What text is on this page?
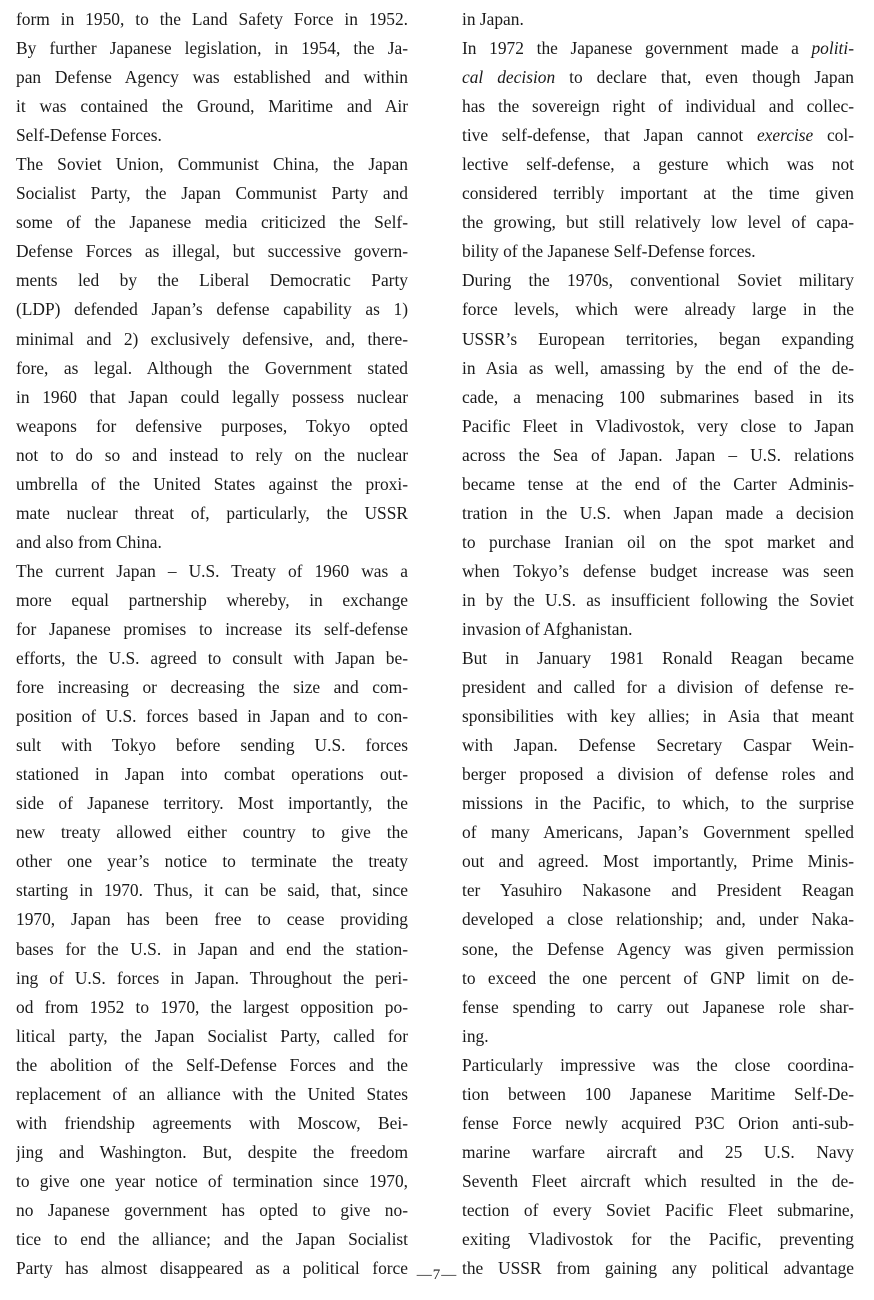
form in 1950, to the Land Safety Force in 1952.
By further Japanese legislation, in 1954, the Ja-
pan Defense Agency was established and within
it was contained the Ground, Maritime and Air
Self-Defense Forces.
The Soviet Union, Communist China, the Japan
Socialist Party, the Japan Communist Party and
some of the Japanese media criticized the Self-
Defense Forces as illegal, but successive govern-
ments led by the Liberal Democratic Party
(LDP) defended Japan’s defense capability as 1)
minimal and 2) exclusively defensive, and, there-
fore, as legal. Although the Government stated
in 1960 that Japan could legally possess nuclear
weapons for defensive purposes, Tokyo opted
not to do so and instead to rely on the nuclear
umbrella of the United States against the proxi-
mate nuclear threat of, particularly, the USSR
and also from China.
The current Japan – U.S. Treaty of 1960 was a
more equal partnership whereby, in exchange
for Japanese promises to increase its self-defense
efforts, the U.S. agreed to consult with Japan be-
fore increasing or decreasing the size and com-
position of U.S. forces based in Japan and to con-
sult with Tokyo before sending U.S. forces
stationed in Japan into combat operations out-
side of Japanese territory. Most importantly, the
new treaty allowed either country to give the
other one year’s notice to terminate the treaty
starting in 1970. Thus, it can be said, that, since
1970, Japan has been free to cease providing
bases for the U.S. in Japan and end the station-
ing of U.S. forces in Japan. Throughout the peri-
od from 1952 to 1970, the largest opposition po-
litical party, the Japan Socialist Party, called for
the abolition of the Self-Defense Forces and the
replacement of an alliance with the United States
with friendship agreements with Moscow, Bei-
jing and Washington. But, despite the freedom
to give one year notice of termination since 1970,
no Japanese government has opted to give no-
tice to end the alliance; and the Japan Socialist
Party has almost disappeared as a political force
in Japan.
In 1972 the Japanese government made a politi-
cal decision to declare that, even though Japan
has the sovereign right of individual and collec-
tive self-defense, that Japan cannot exercise col-
lective self-defense, a gesture which was not
considered terribly important at the time given
the growing, but still relatively low level of capa-
bility of the Japanese Self-Defense forces.
During the 1970s, conventional Soviet military
force levels, which were already large in the
USSR’s European territories, began expanding
in Asia as well, amassing by the end of the de-
cade, a menacing 100 submarines based in its
Pacific Fleet in Vladivostok, very close to Japan
across the Sea of Japan. Japan – U.S. relations
became tense at the end of the Carter Adminis-
tration in the U.S. when Japan made a decision
to purchase Iranian oil on the spot market and
when Tokyo’s defense budget increase was seen
in by the U.S. as insufficient following the Soviet
invasion of Afghanistan.
But in January 1981 Ronald Reagan became
president and called for a division of defense re-
sponsibilities with key allies; in Asia that meant
with Japan. Defense Secretary Caspar Wein-
berger proposed a division of defense roles and
missions in the Pacific, to which, to the surprise
of many Americans, Japan’s Government spelled
out and agreed. Most importantly, Prime Minis-
ter Yasuhiro Nakasone and President Reagan
developed a close relationship; and, under Naka-
sone, the Defense Agency was given permission
to exceed the one percent of GNP limit on de-
fense spending to carry out Japanese role shar-
ing.
Particularly impressive was the close coordina-
tion between 100 Japanese Maritime Self-De-
fense Force newly acquired P3C Orion anti-sub-
marine warfare aircraft and 25 U.S. Navy
Seventh Fleet aircraft which resulted in the de-
tection of every Soviet Pacific Fleet submarine,
exiting Vladivostok for the Pacific, preventing
the USSR from gaining any political advantage
—7—
